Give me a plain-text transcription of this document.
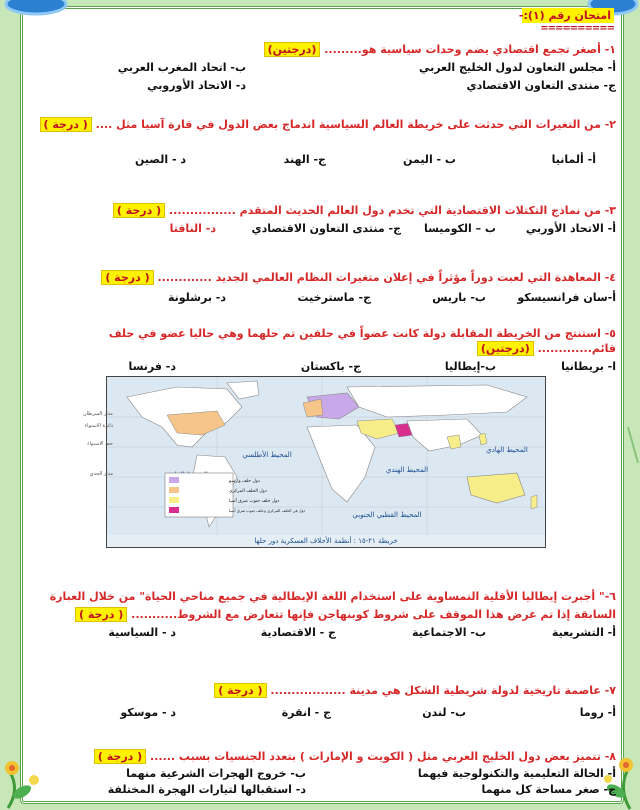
امتحان رقم (١):-
==========
١- أصغر تجمع اقتصادي يضم وحدات سياسية هو......... (درجتين)
أ- مجلس التعاون لدول الخليج العربي
ب- اتحاد المغرب العربي
ج- منتدى التعاون الاقتصادي
د- الاتحاد الأوروبي
٢- من التغيرات التي حدثت على خريطة العالم السياسية اندماج بعض الدول في قارة آسيا مثل .... ( درجة )
أ- ألمانيا
ب - اليمن
ج- الهند
د - الصين
٣- من نماذج التكتلات الاقتصادية التي تخدم دول العالم الحديث المتقدم ................ ( درجة )
أ- الاتحاد الأوربي
ب – الكوميسا
ج- منتدى التعاون الاقتصادي
د- النافتا
٤- المعاهدة التي لعبت دوراً مؤثراً في إعلان متغيرات النظام العالمي الجديد ............. ( درجة )
أ-سان فرانسيسكو
ب- باريس
ج- ماسترخيت
د- برشلونة
٥- استنتج من الخريطة المقابلة دولة كانت عضواً في حلفين تم حلهما وهي حاليا عضو في حلف
قائم............. (درجتين)
ا- بريطانيا
ب-إيطاليا
ج- باكستان
د- فرنسا
المحيط الأطلسي
المحيط الهندي
المحيط الهادي
المحيط القطبي الجنوبي
مدار السرطان
خط الاستواء
مدار الجدي
دائرة الاستواء
دول حلف وارسو
دول الحلف المركزي
دول حلف جنوب شرق آسيا
دول في الحلف المركزي وحلف جنوب شرق آسيا
خريطة ٢١-١٥ : أنظمة الأحلاف العسكرية دور حلها
٦-" أجبرت إيطاليا الأقلية النمساوية على استخدام اللغة الإيطالية في جميع مناحي الحياة" من خلال العبارة
السابقة إذا تم عرض هذا الموقف على شروط كوبنهاجن فإنها تتعارض مع الشروط........... ( درجة )
أ- التشريعية
ب- الاجتماعية
ج - الاقتصادية
د - السياسية
٧- عاصمة تاريخية لدولة شريطية الشكل هي مدينة .................. ( درجة )
أ- روما
ب- لندن
ج - انقرة
د - موسكو
٨- تتميز بعض دول الخليج العربي مثل ( الكويت و الإمارات ) بتعدد الجنسيات بسبب ...... ( درجة )
أ- الحالة التعليمية والتكنولوجية فيهما
ب- خروج الهجرات الشرعية منهما
ج- صغر مساحة كل منهما
د- استقبالها لتيارات الهجرة المختلفة
